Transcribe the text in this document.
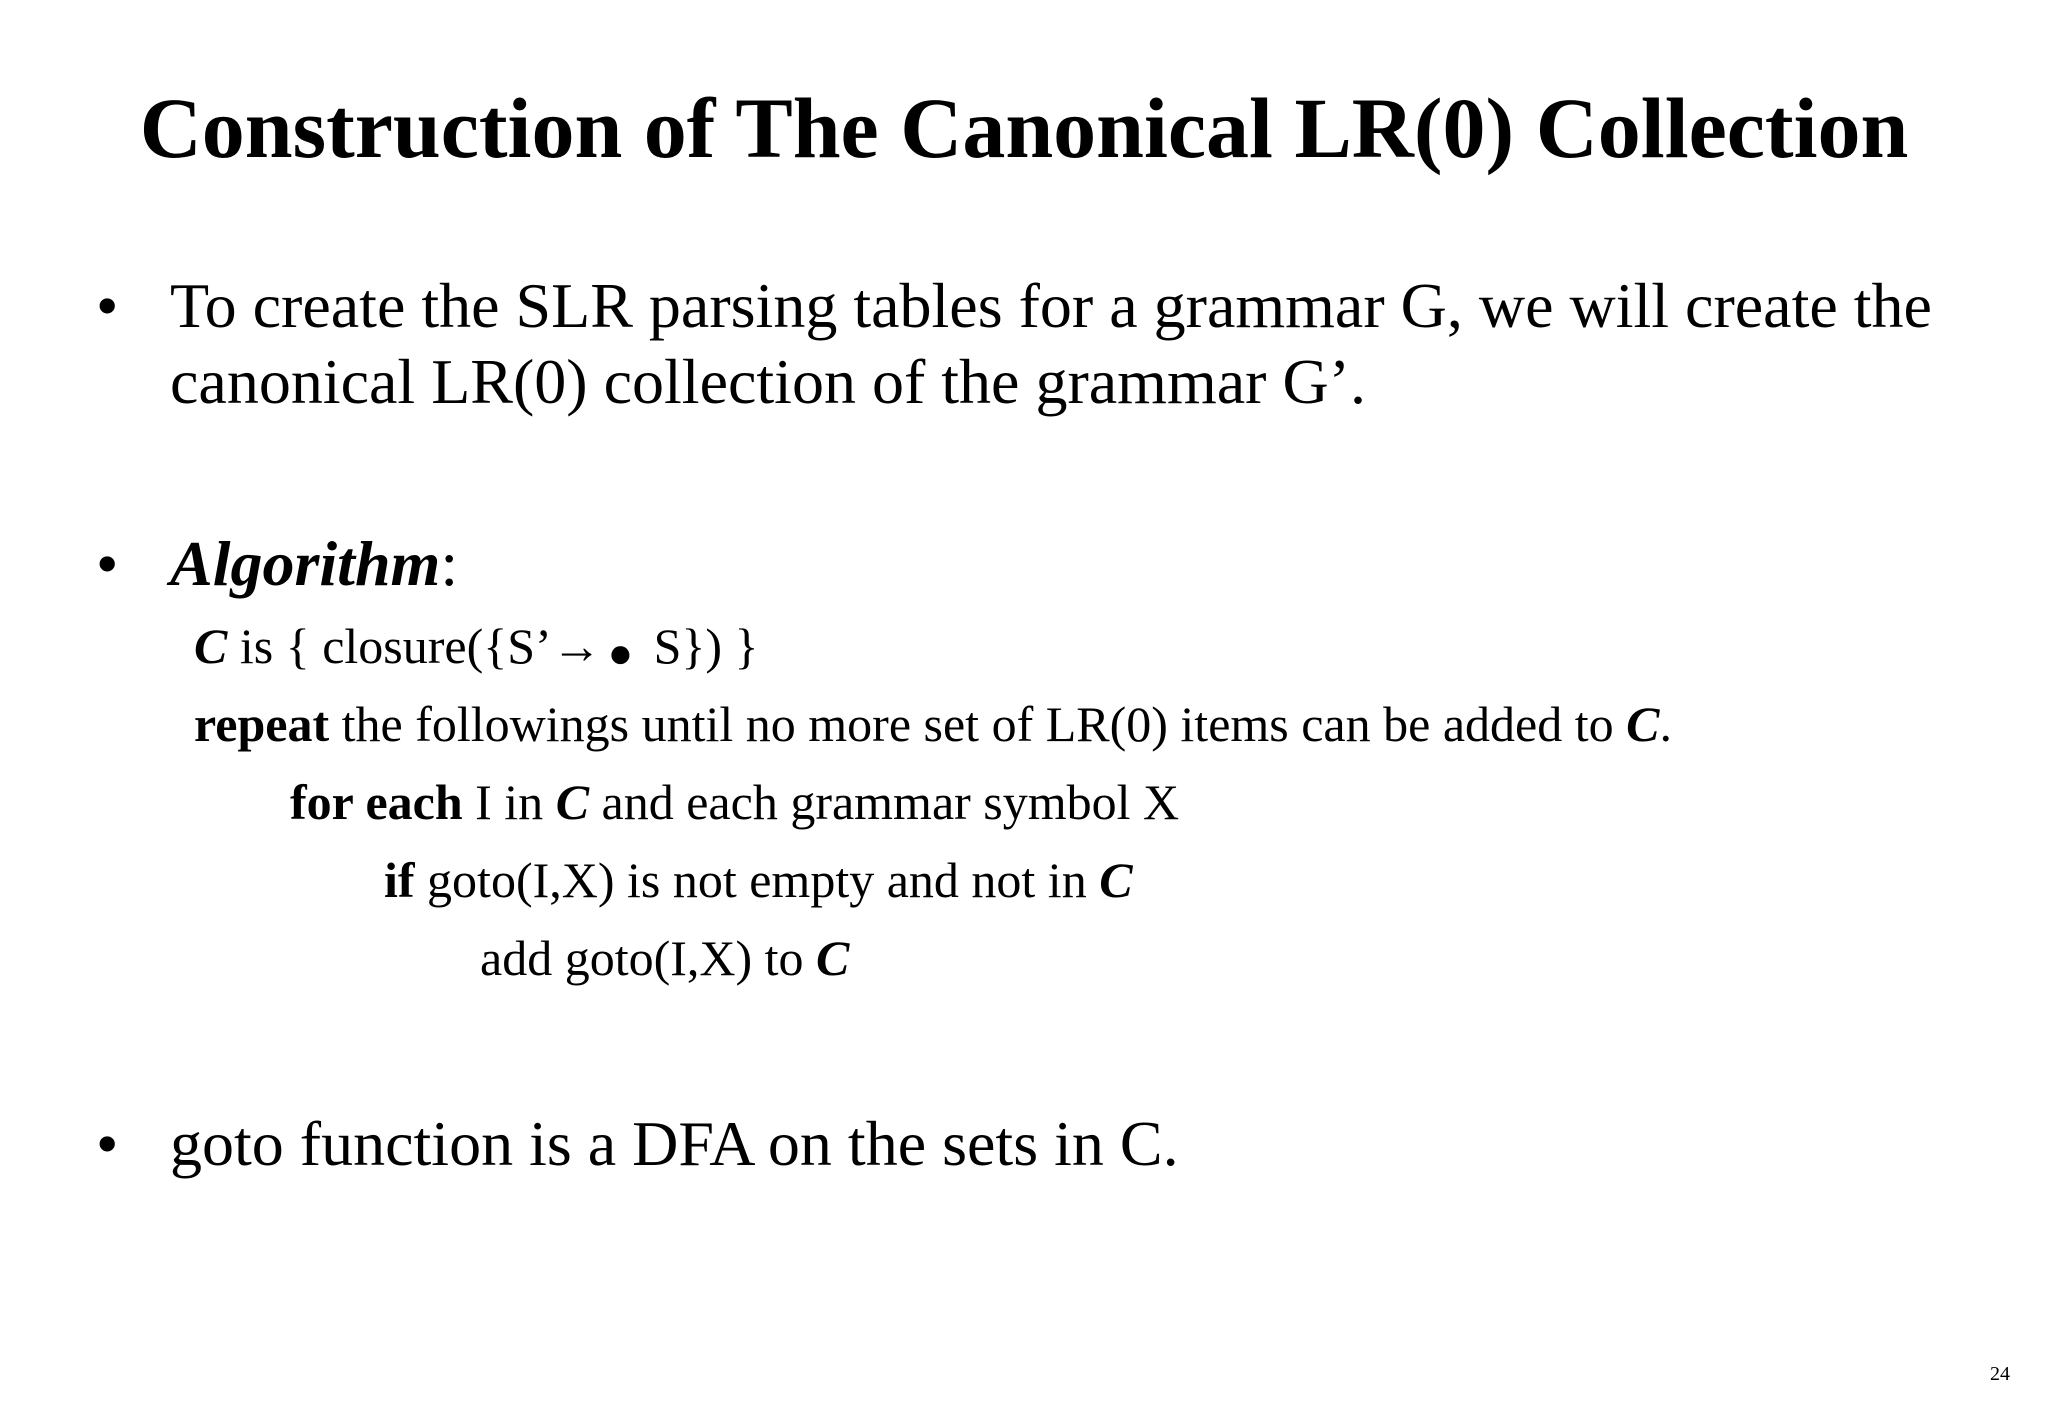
Construction of The Canonical LR(0) Collection
• To create the SLR parsing tables for a grammar G, we will create the
canonical LR(0) collection of the grammar G’.
• Algorithm:
C is { closure({S’→ ● S}) }
repeat the followings until no more set of LR(0) items can be added to C.
for each I in C and each grammar symbol X
if goto(I,X) is not empty and not in C
add goto(I,X) to C
• goto function is a DFA on the sets in C.
24
